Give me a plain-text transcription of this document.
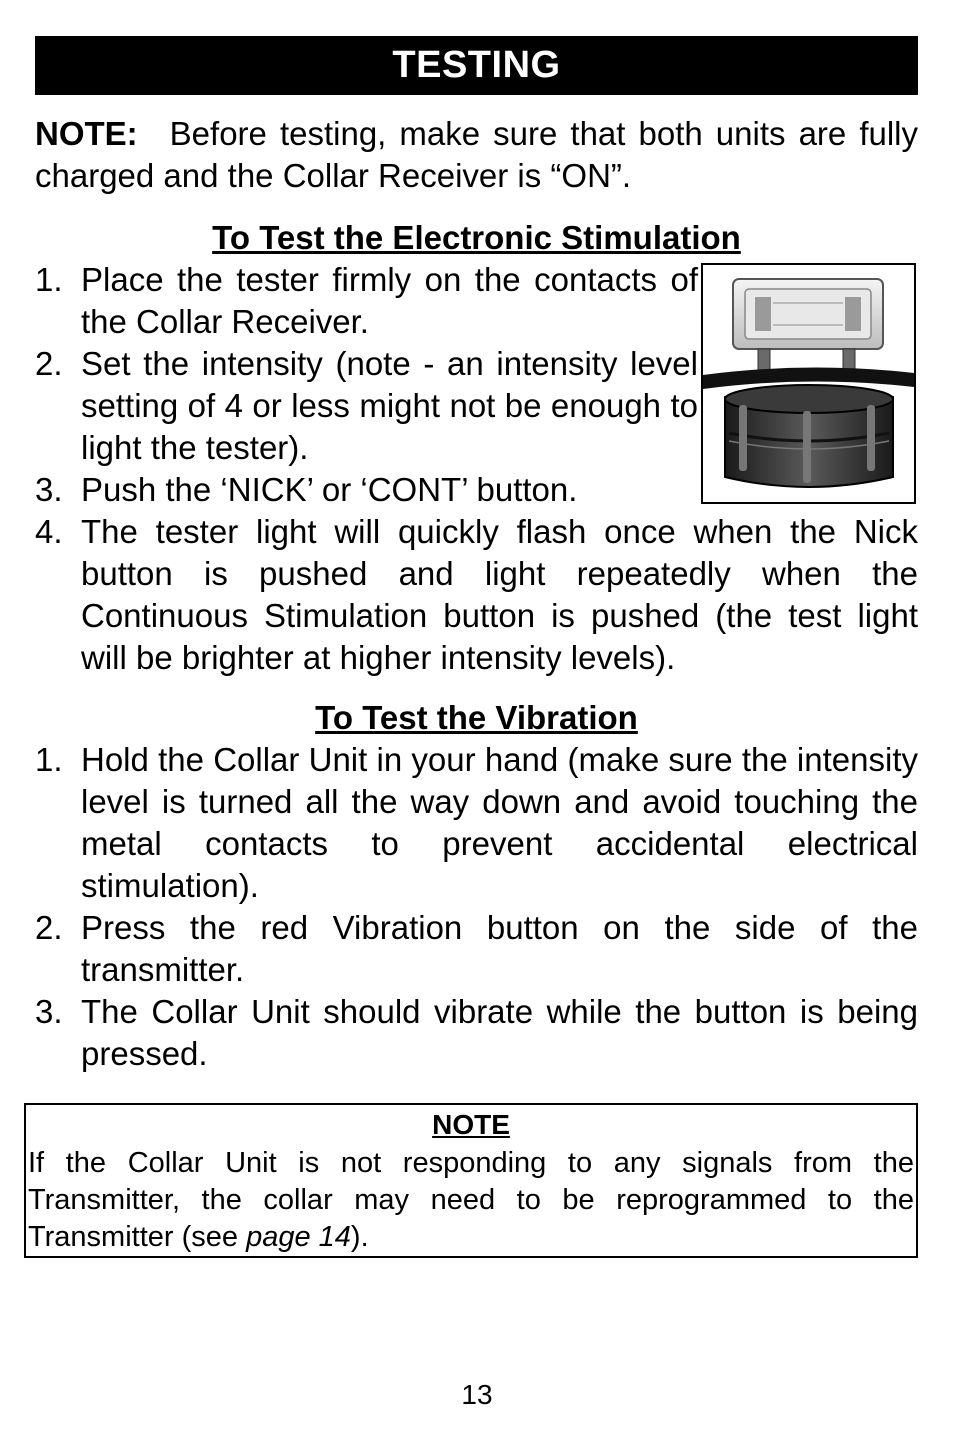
TESTING
NOTE: Before testing, make sure that both units are fully charged and the Collar Receiver is “ON”.
To Test the Electronic Stimulation
1. Place the tester firmly on the contacts of the Collar Receiver.
2. Set the intensity (note - an intensity level setting of 4 or less might not be enough to light the tester).
3. Push the ‘NICK’ or ‘CONT’ button.
4. The tester light will quickly flash once when the Nick button is pushed and light repeatedly when the Continuous Stimulation button is pushed (the test light will be brighter at higher intensity levels).
To Test the Vibration
1. Hold the Collar Unit in your hand (make sure the intensity level is turned all the way down and avoid touching the metal contacts to prevent accidental electrical stimulation).
2. Press the red Vibration button on the side of the transmitter.
3. The Collar Unit should vibrate while the button is being pressed.
NOTE
If the Collar Unit is not responding to any signals from the Transmitter, the collar may need to be reprogrammed to the Transmitter (see page 14).
13
